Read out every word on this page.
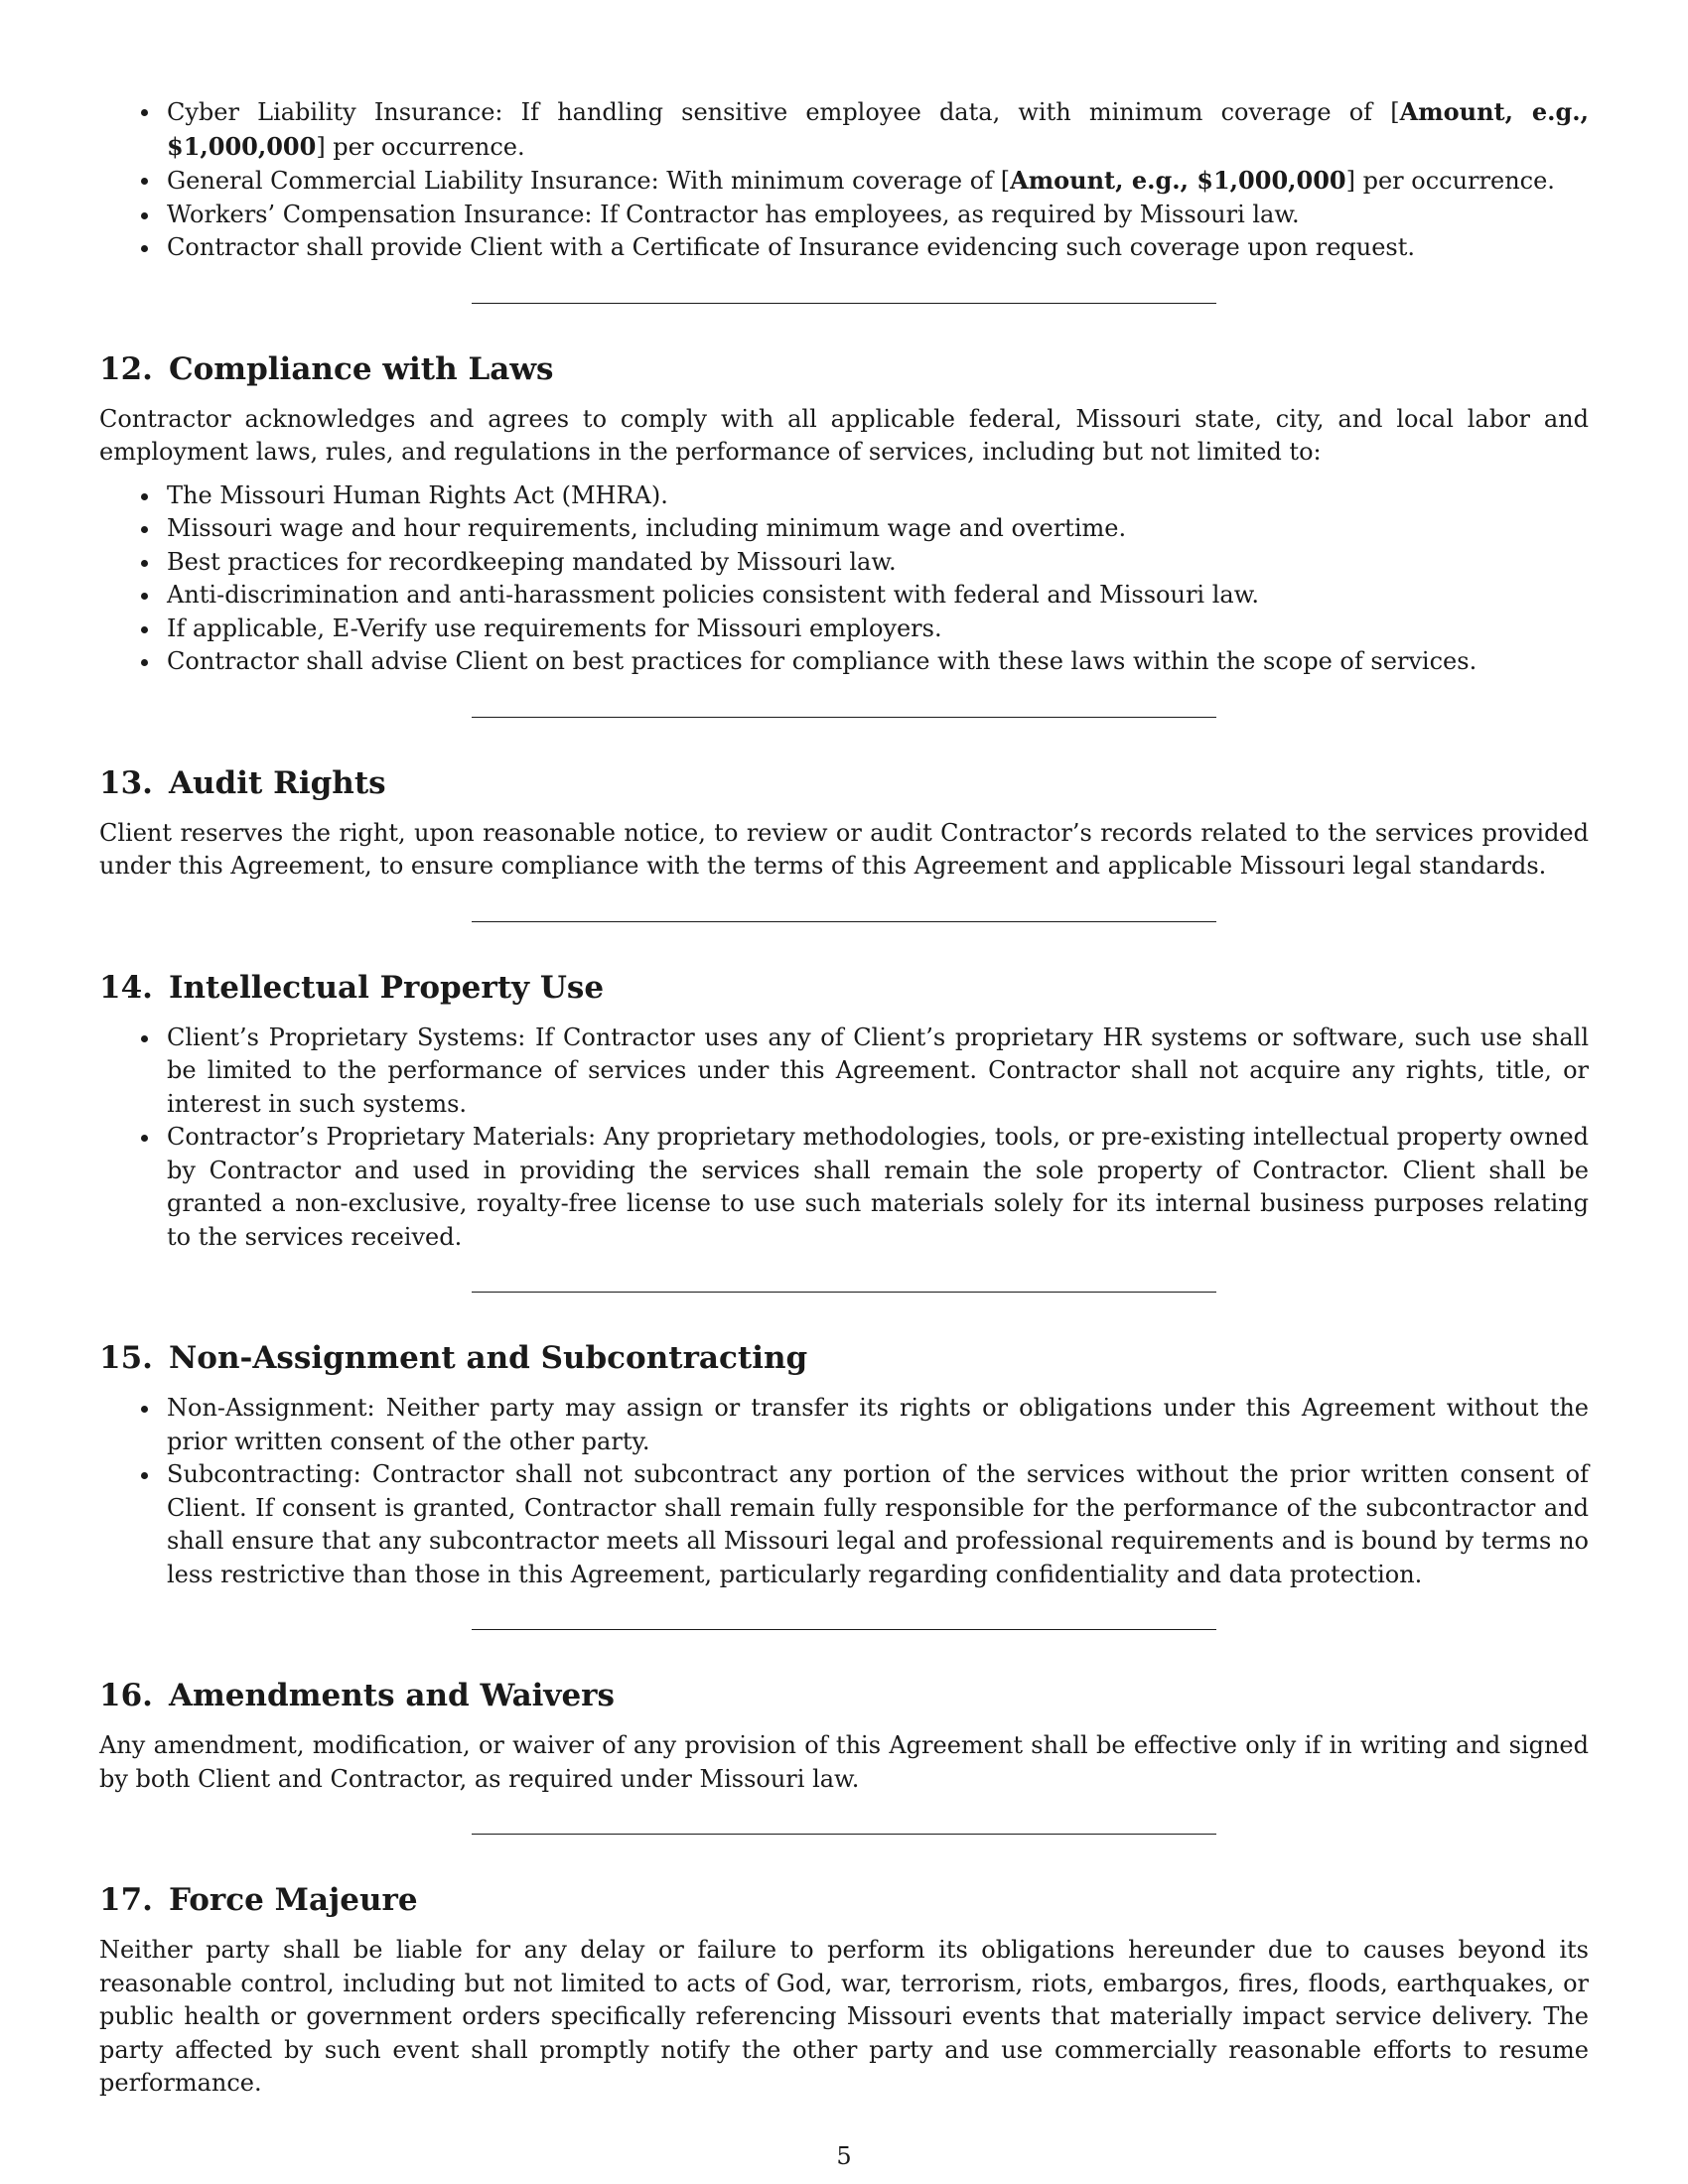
Cyber Liability Insurance: If handling sensitive employee data, with minimum coverage of [Amount, e.g., $1,000,000] per occurrence.
General Commercial Liability Insurance: With minimum coverage of [Amount, e.g., $1,000,000] per occurrence.
Workers’ Compensation Insurance: If Contractor has employees, as required by Missouri law.
Contractor shall provide Client with a Certificate of Insurance evidencing such coverage upon request.
12. Compliance with Laws

Contractor acknowledges and agrees to comply with all applicable federal, Missouri state, city, and local labor and employment laws, rules, and regulations in the performance of services, including but not limited to:

The Missouri Human Rights Act (MHRA).
Missouri wage and hour requirements, including minimum wage and overtime.
Best practices for recordkeeping mandated by Missouri law.
Anti-discrimination and anti-harassment policies consistent with federal and Missouri law.
If applicable, E-Verify use requirements for Missouri employers.
Contractor shall advise Client on best practices for compliance with these laws within the scope of services.
13. Audit Rights

Client reserves the right, upon reasonable notice, to review or audit Contractor’s records related to the services provided under this Agreement, to ensure compliance with the terms of this Agreement and applicable Missouri legal standards.

14. Intellectual Property Use
Client’s Proprietary Systems: If Contractor uses any of Client’s proprietary HR systems or software, such use shall be limited to the performance of services under this Agreement. Contractor shall not acquire any rights, title, or interest in such systems.
Contractor’s Proprietary Materials: Any proprietary methodologies, tools, or pre-existing intellectual property owned by Contractor and used in providing the services shall remain the sole property of Contractor. Client shall be granted a non-exclusive, royalty-free license to use such materials solely for its internal business purposes relating to the services received.
15. Non-Assignment and Subcontracting
Non-Assignment: Neither party may assign or transfer its rights or obligations under this Agreement without the prior written consent of the other party.
Subcontracting: Contractor shall not subcontract any portion of the services without the prior written consent of Client. If consent is granted, Contractor shall remain fully responsible for the performance of the subcontractor and shall ensure that any subcontractor meets all Missouri legal and professional requirements and is bound by terms no less restrictive than those in this Agreement, particularly regarding confidentiality and data protection.
16. Amendments and Waivers

Any amendment, modification, or waiver of any provision of this Agreement shall be effective only if in writing and signed by both Client and Contractor, as required under Missouri law.

17. Force Majeure

Neither party shall be liable for any delay or failure to perform its obligations hereunder due to causes beyond its reasonable control, including but not limited to acts of God, war, terrorism, riots, embargos, fires, floods, earthquakes, or public health or government orders specifically referencing Missouri events that materially impact service delivery. The party affected by such event shall promptly notify the other party and use commercially reasonable efforts to resume performance.

5
